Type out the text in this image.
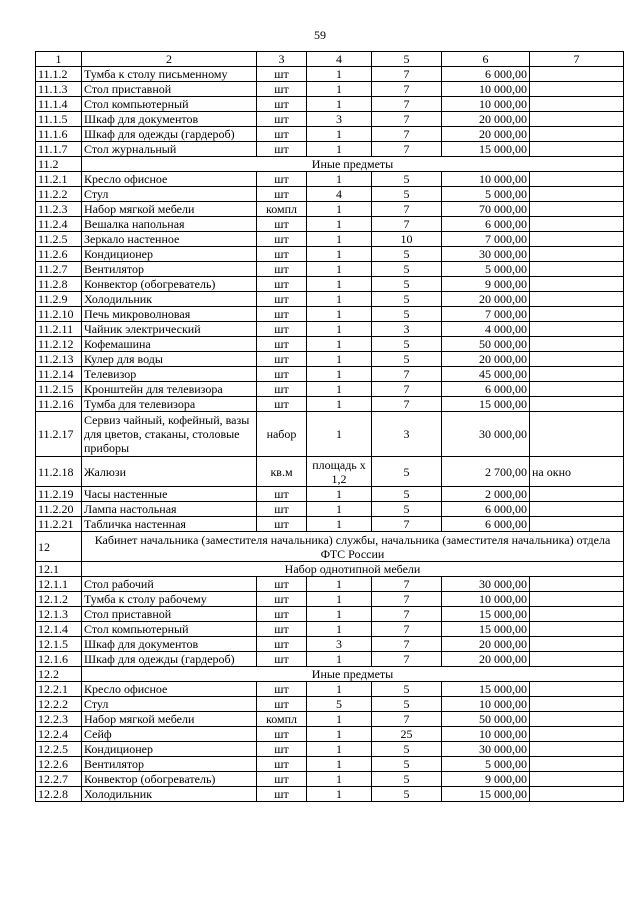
59
1	2	3	4	5	6	7
11.1.2	Тумба к столу письменному	шт	1	7	6 000,00	
11.1.3	Стол приставной	шт	1	7	10 000,00	
11.1.4	Стол компьютерный	шт	1	7	10 000,00	
11.1.5	Шкаф для документов	шт	3	7	20 000,00	
11.1.6	Шкаф для одежды (гардероб)	шт	1	7	20 000,00	
11.1.7	Стол журнальный	шт	1	7	15 000,00	
11.2	Иные предметы					
11.2.1	Кресло офисное	шт	1	5	10 000,00	
11.2.2	Стул	шт	4	5	5 000,00	
11.2.3	Набор мягкой мебели	компл	1	7	70 000,00	
11.2.4	Вешалка напольная	шт	1	7	6 000,00	
11.2.5	Зеркало настенное	шт	1	10	7 000,00	
11.2.6	Кондиционер	шт	1	5	30 000,00	
11.2.7	Вентилятор	шт	1	5	5 000,00	
11.2.8	Конвектор (обогреватель)	шт	1	5	9 000,00	
11.2.9	Холодильник	шт	1	5	20 000,00	
11.2.10	Печь микроволновая	шт	1	5	7 000,00	
11.2.11	Чайник электрический	шт	1	3	4 000,00	
11.2.12	Кофемашина	шт	1	5	50 000,00	
11.2.13	Кулер для воды	шт	1	5	20 000,00	
11.2.14	Телевизор	шт	1	7	45 000,00	
11.2.15	Кронштейн для телевизора	шт	1	7	6 000,00	
11.2.16	Тумба для телевизора	шт	1	7	15 000,00	
11.2.17	Сервиз чайный, кофейный, вазы для цветов, стаканы, столовые приборы	набор	1	3	30 000,00	
11.2.18	Жалюзи	кв.м	площадь х 1,2	5	2 700,00	на окно
11.2.19	Часы настенные	шт	1	5	2 000,00	
11.2.20	Лампа настольная	шт	1	5	6 000,00	
11.2.21	Табличка настенная	шт	1	7	6 000,00	
12	Кабинет начальника (заместителя начальника) службы, начальника (заместителя начальника) отдела ФТС России					
12.1	Набор однотипной мебели					
12.1.1	Стол рабочий	шт	1	7	30 000,00	
12.1.2	Тумба к столу рабочему	шт	1	7	10 000,00	
12.1.3	Стол приставной	шт	1	7	15 000,00	
12.1.4	Стол компьютерный	шт	1	7	15 000,00	
12.1.5	Шкаф для документов	шт	3	7	20 000,00	
12.1.6	Шкаф для одежды (гардероб)	шт	1	7	20 000,00	
12.2	Иные предметы					
12.2.1	Кресло офисное	шт	1	5	15 000,00	
12.2.2	Стул	шт	5	5	10 000,00	
12.2.3	Набор мягкой мебели	компл	1	7	50 000,00	
12.2.4	Сейф	шт	1	25	10 000,00	
12.2.5	Кондиционер	шт	1	5	30 000,00	
12.2.6	Вентилятор	шт	1	5	5 000,00	
12.2.7	Конвектор (обогреватель)	шт	1	5	9 000,00	
12.2.8	Холодильник	шт	1	5	15 000,00	
